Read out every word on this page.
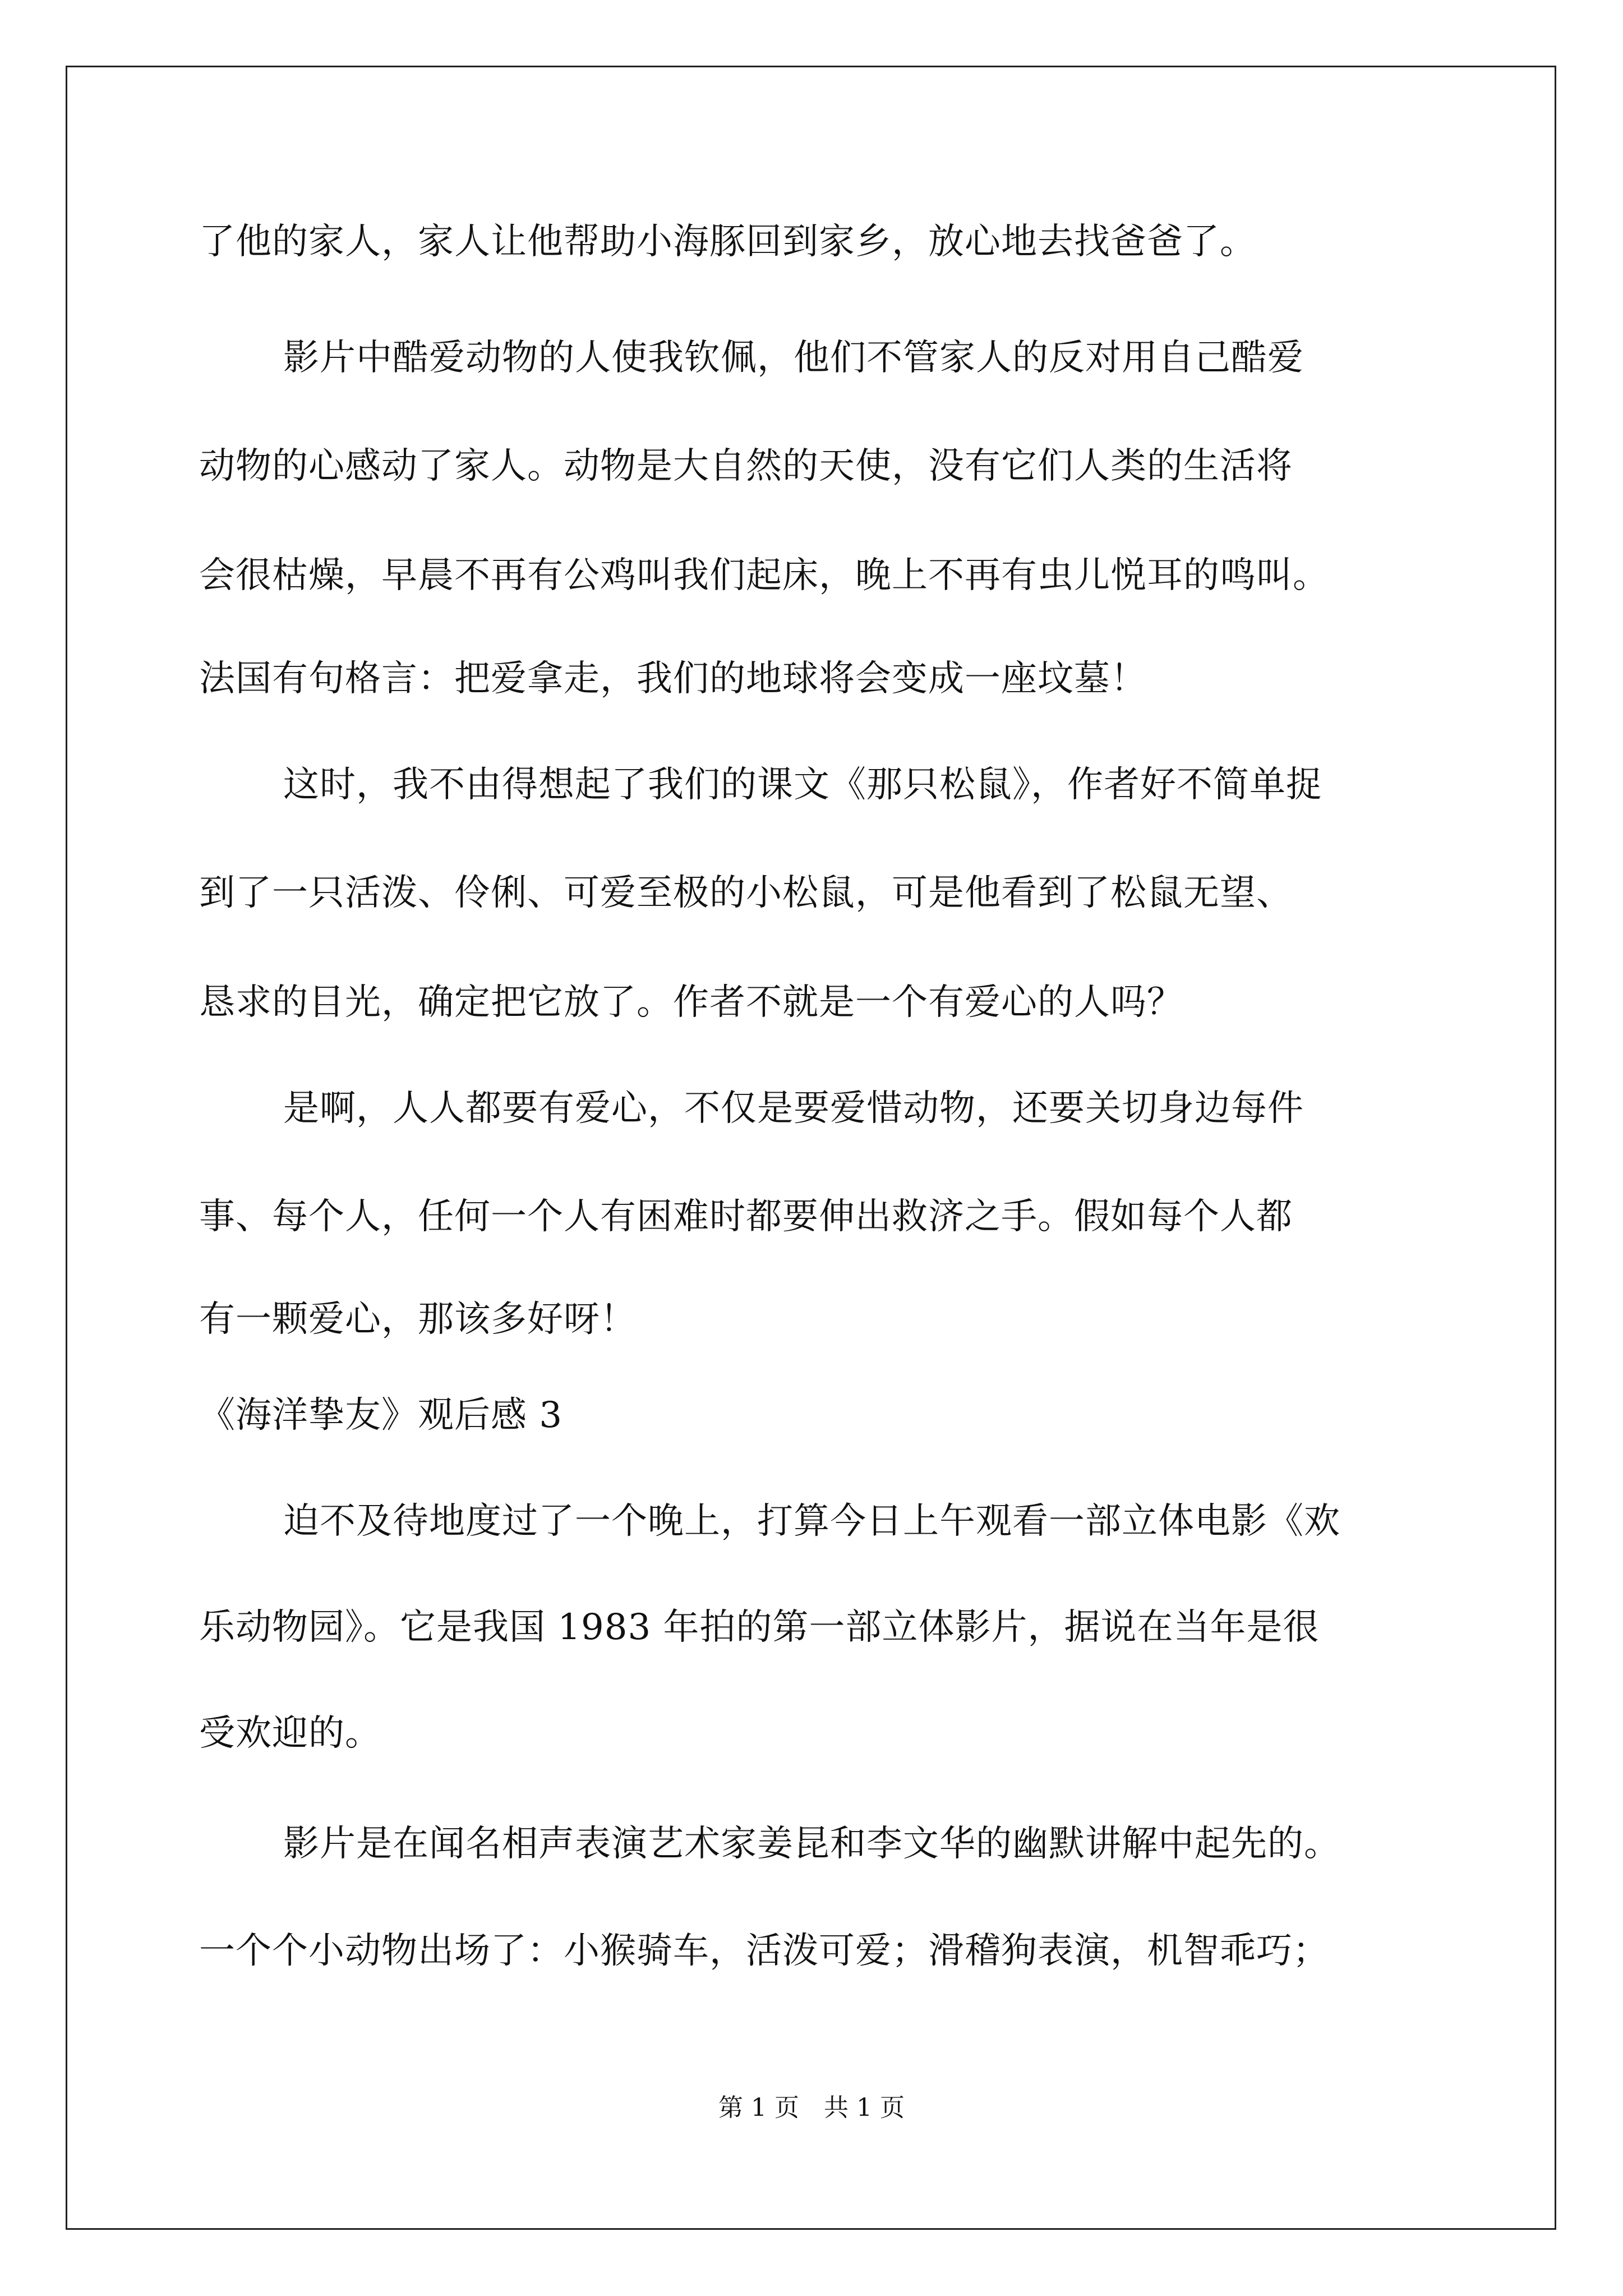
了他的家人，家人让他帮助小海豚回到家乡，放心地去找爸爸了。
影片中酷爱动物的人使我钦佩，他们不管家人的反对用自己酷爱
动物的心感动了家人。动物是大自然的天使，没有它们人类的生活将
会很枯燥，早晨不再有公鸡叫我们起床，晚上不再有虫儿悦耳的鸣叫。
法国有句格言：把爱拿走，我们的地球将会变成一座坟墓！
这时，我不由得想起了我们的课文《那只松鼠》，作者好不简单捉
到了一只活泼、伶俐、可爱至极的小松鼠，可是他看到了松鼠无望、
恳求的目光，确定把它放了。作者不就是一个有爱心的人吗？
是啊，人人都要有爱心，不仅是要爱惜动物，还要关切身边每件
事、每个人，任何一个人有困难时都要伸出救济之手。假如每个人都
有一颗爱心，那该多好呀！
《海洋挚友》观后感 3
迫不及待地度过了一个晚上，打算今日上午观看一部立体电影《欢
乐动物园》。它是我国 1983 年拍的第一部立体影片，据说在当年是很
受欢迎的。
影片是在闻名相声表演艺术家姜昆和李文华的幽默讲解中起先的。
一个个小动物出场了：小猴骑车，活泼可爱；滑稽狗表演，机智乖巧；
第 1 页　共 1 页
